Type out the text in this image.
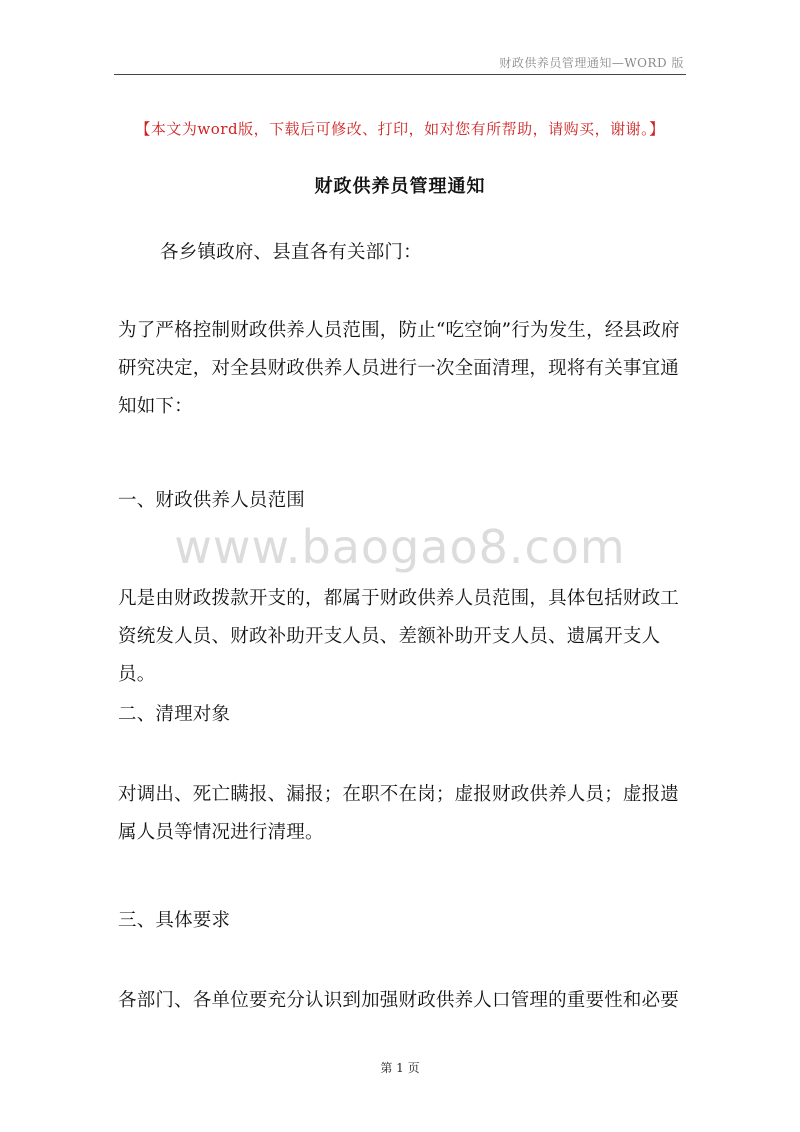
财政供养员管理通知—WORD 版
【本文为word版，下载后可修改、打印，如对您有所帮助，请购买，谢谢。】
财政供养员管理通知
各乡镇政府、县直各有关部门：
为了严格控制财政供养人员范围，防止“吃空饷”行为发生，经县政府研究决定，对全县财政供养人员进行一次全面清理，现将有关事宜通知如下：
一、财政供养人员范围
www.baogao8.com
凡是由财政拨款开支的，都属于财政供养人员范围，具体包括财政工资统发人员、财政补助开支人员、差额补助开支人员、遗属开支人员。
二、清理对象
对调出、死亡瞒报、漏报；在职不在岗；虚报财政供养人员；虚报遗属人员等情况进行清理。
三、具体要求
各部门、各单位要充分认识到加强财政供养人口管理的重要性和必要
第 1 页
